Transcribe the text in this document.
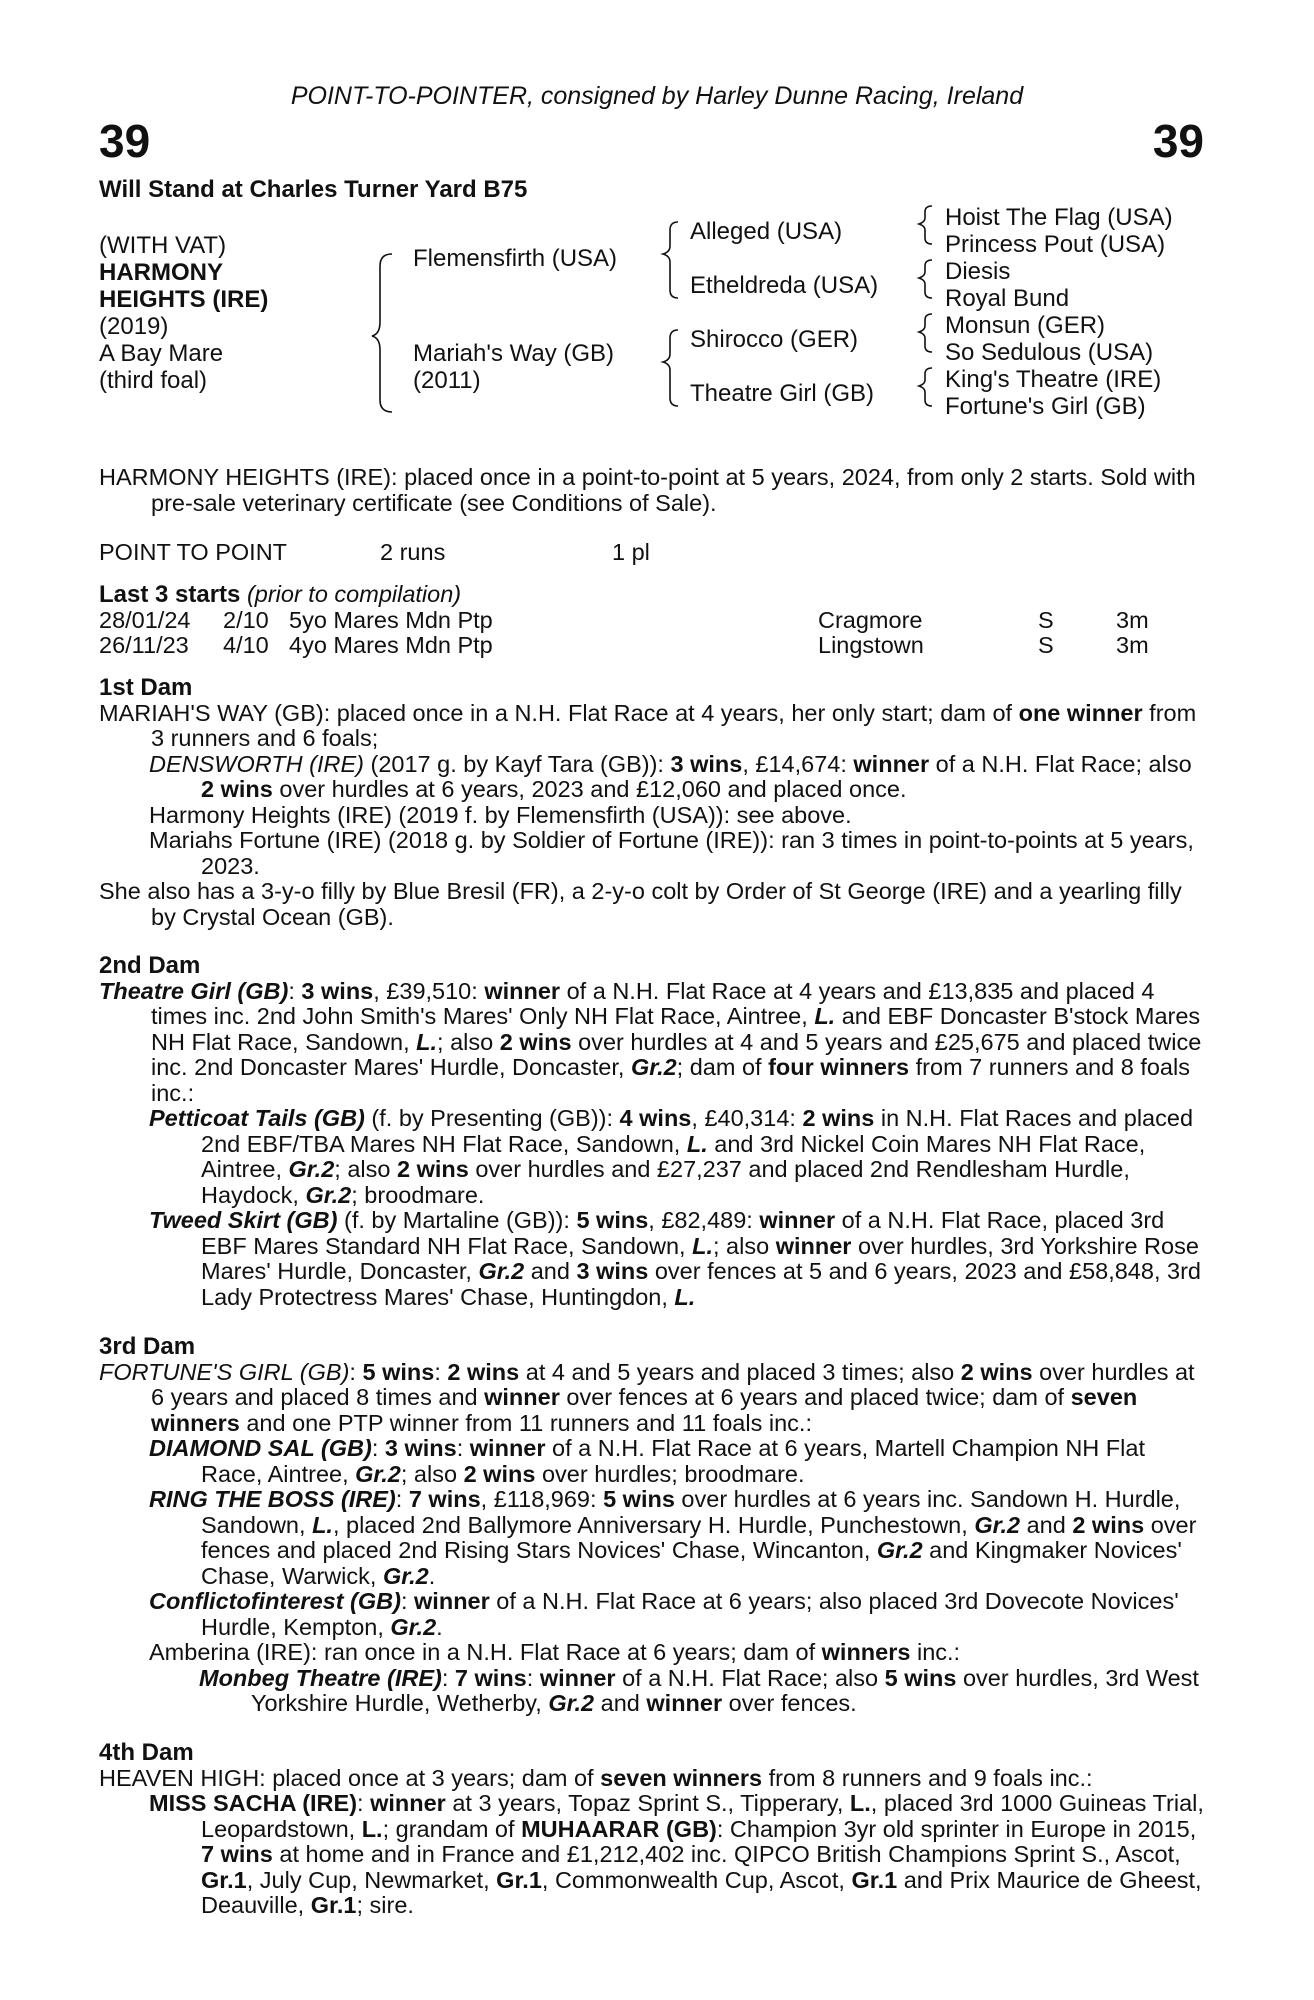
POINT-TO-POINTER, consigned by Harley Dunne Racing, Ireland
39	39
Will Stand at Charles Turner Yard B75
(WITH VAT)
HARMONY
HEIGHTS (IRE)
(2019)
A Bay Mare
(third foal)
Flemensfirth (USA)
Mariah's Way (GB)
(2011)
Alleged (USA)
Etheldreda (USA)
Shirocco (GER)
Theatre Girl (GB)
Hoist The Flag (USA)
Princess Pout (USA)
Diesis
Royal Bund
Monsun (GER)
So Sedulous (USA)
King's Theatre (IRE)
Fortune's Girl (GB)

HARMONY HEIGHTS (IRE): placed once in a point-to-point at 5 years, 2024, from only 2 starts. Sold with pre-sale veterinary certificate (see Conditions of Sale).

POINT TO POINT	2 runs	1 pl
Last 3 starts (prior to compilation)
28/01/24 2/10 5yo Mares Mdn Ptp	Cragmore	S	3m
26/11/23 4/10 4yo Mares Mdn Ptp	Lingstown	S	3m
1st Dam

MARIAH'S WAY (GB): placed once in a N.H. Flat Race at 4 years, her only start; dam of one winner from 3 runners and 6 foals;

DENSWORTH (IRE) (2017 g. by Kayf Tara (GB)): 3 wins, £14,674: winner of a N.H. Flat Race; also 2 wins over hurdles at 6 years, 2023 and £12,060 and placed once.

Harmony Heights (IRE) (2019 f. by Flemensfirth (USA)): see above.

Mariahs Fortune (IRE) (2018 g. by Soldier of Fortune (IRE)): ran 3 times in point-to-points at 5 years, 2023.

She also has a 3-y-o filly by Blue Bresil (FR), a 2-y-o colt by Order of St George (IRE) and a yearling filly by Crystal Ocean (GB).

2nd Dam

Theatre Girl (GB): 3 wins, £39,510: winner of a N.H. Flat Race at 4 years and £13,835 and placed 4 times inc. 2nd John Smith's Mares' Only NH Flat Race, Aintree, L. and EBF Doncaster B'stock Mares NH Flat Race, Sandown, L.; also 2 wins over hurdles at 4 and 5 years and £25,675 and placed twice inc. 2nd Doncaster Mares' Hurdle, Doncaster, Gr.2; dam of four winners from 7 runners and 8 foals inc.:

Petticoat Tails (GB) (f. by Presenting (GB)): 4 wins, £40,314: 2 wins in N.H. Flat Races and placed 2nd EBF/TBA Mares NH Flat Race, Sandown, L. and 3rd Nickel Coin Mares NH Flat Race, Aintree, Gr.2; also 2 wins over hurdles and £27,237 and placed 2nd Rendlesham Hurdle, Haydock, Gr.2; broodmare.

Tweed Skirt (GB) (f. by Martaline (GB)): 5 wins, £82,489: winner of a N.H. Flat Race, placed 3rd EBF Mares Standard NH Flat Race, Sandown, L.; also winner over hurdles, 3rd Yorkshire Rose Mares' Hurdle, Doncaster, Gr.2 and 3 wins over fences at 5 and 6 years, 2023 and £58,848, 3rd Lady Protectress Mares' Chase, Huntingdon, L.

3rd Dam

FORTUNE'S GIRL (GB): 5 wins: 2 wins at 4 and 5 years and placed 3 times; also 2 wins over hurdles at 6 years and placed 8 times and winner over fences at 6 years and placed twice; dam of seven winners and one PTP winner from 11 runners and 11 foals inc.:

DIAMOND SAL (GB): 3 wins: winner of a N.H. Flat Race at 6 years, Martell Champion NH Flat Race, Aintree, Gr.2; also 2 wins over hurdles; broodmare.

RING THE BOSS (IRE): 7 wins, £118,969: 5 wins over hurdles at 6 years inc. Sandown H. Hurdle, Sandown, L., placed 2nd Ballymore Anniversary H. Hurdle, Punchestown, Gr.2 and 2 wins over fences and placed 2nd Rising Stars Novices' Chase, Wincanton, Gr.2 and Kingmaker Novices' Chase, Warwick, Gr.2.

Conflictofinterest (GB): winner of a N.H. Flat Race at 6 years; also placed 3rd Dovecote Novices' Hurdle, Kempton, Gr.2.

Amberina (IRE): ran once in a N.H. Flat Race at 6 years; dam of winners inc.:

Monbeg Theatre (IRE): 7 wins: winner of a N.H. Flat Race; also 5 wins over hurdles, 3rd West Yorkshire Hurdle, Wetherby, Gr.2 and winner over fences.

4th Dam

HEAVEN HIGH: placed once at 3 years; dam of seven winners from 8 runners and 9 foals inc.:

MISS SACHA (IRE): winner at 3 years, Topaz Sprint S., Tipperary, L., placed 3rd 1000 Guineas Trial, Leopardstown, L.; grandam of MUHAARAR (GB): Champion 3yr old sprinter in Europe in 2015, 7 wins at home and in France and £1,212,402 inc. QIPCO British Champions Sprint S., Ascot, Gr.1, July Cup, Newmarket, Gr.1, Commonwealth Cup, Ascot, Gr.1 and Prix Maurice de Gheest, Deauville, Gr.1; sire.
